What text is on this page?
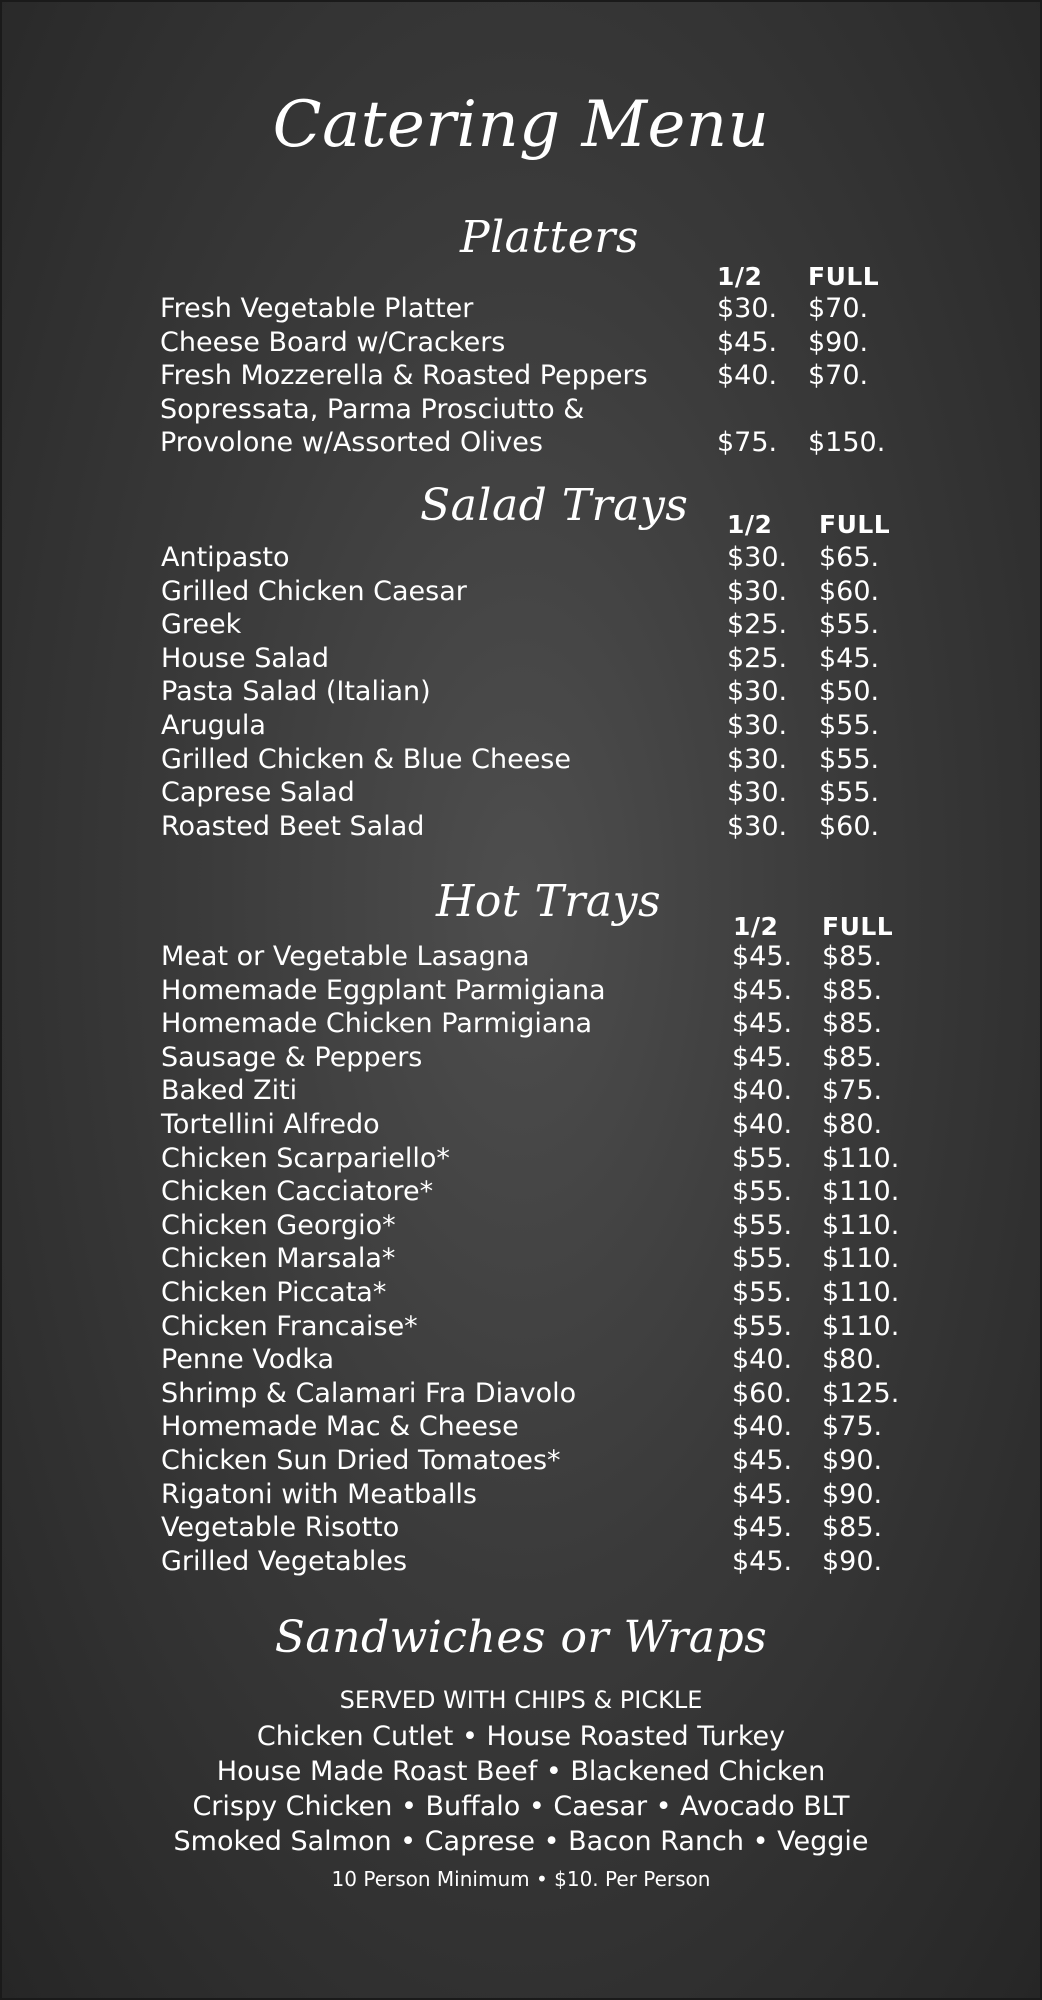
Catering Menu
Platters
1/2 FULL
Fresh Vegetable Platter	$30. $70.
Cheese Board w/Crackers	$45. $90.
Fresh Mozzerella & Roasted Peppers	$40. $70.
Sopressata, Parma Prosciutto &
Provolone w/Assorted Olives	$75. $150.
Salad Trays 1/2 FULL
Antipasto	$30. $65.
Grilled Chicken Caesar	$30. $60.
Greek	$25. $55.
House Salad	$25. $45.
Pasta Salad (Italian)	$30. $50.
Arugula	$30. $55.
Grilled Chicken & Blue Cheese	$30. $55.
Caprese Salad	$30. $55.
Roasted Beet Salad	$30. $60.
Hot Trays	1/2 FULL
Meat or Vegetable Lasagna	$45. $85.
Homemade Eggplant Parmigiana	$45. $85.
Homemade Chicken Parmigiana	$45. $85.
Sausage & Peppers	$45. $85.
Baked Ziti	$40. $75.
Tortellini Alfredo	$40. $80.
Chicken Scarpariello*	$55. $110.
Chicken Cacciatore*	$55. $110.
Chicken Georgio*	$55. $110.
Chicken Marsala*	$55. $110.
Chicken Piccata*	$55. $110.
Chicken Francaise*	$55. $110.
Penne Vodka	$40. $80.
Shrimp & Calamari Fra Diavolo	$60. $125.
Homemade Mac & Cheese	$40. $75.
Chicken Sun Dried Tomatoes*	$45. $90.
Rigatoni with Meatballs	$45. $90.
Vegetable Risotto	$45. $85.
Grilled Vegetables	$45. $90.
Sandwiches or Wraps
SERVED WITH CHIPS & PICKLE
Chicken Cutlet • House Roasted Turkey
House Made Roast Beef • Blackened Chicken
Crispy Chicken • Buffalo • Caesar • Avocado BLT
Smoked Salmon • Caprese • Bacon Ranch • Veggie
10 Person Minimum • $10. Per Person
